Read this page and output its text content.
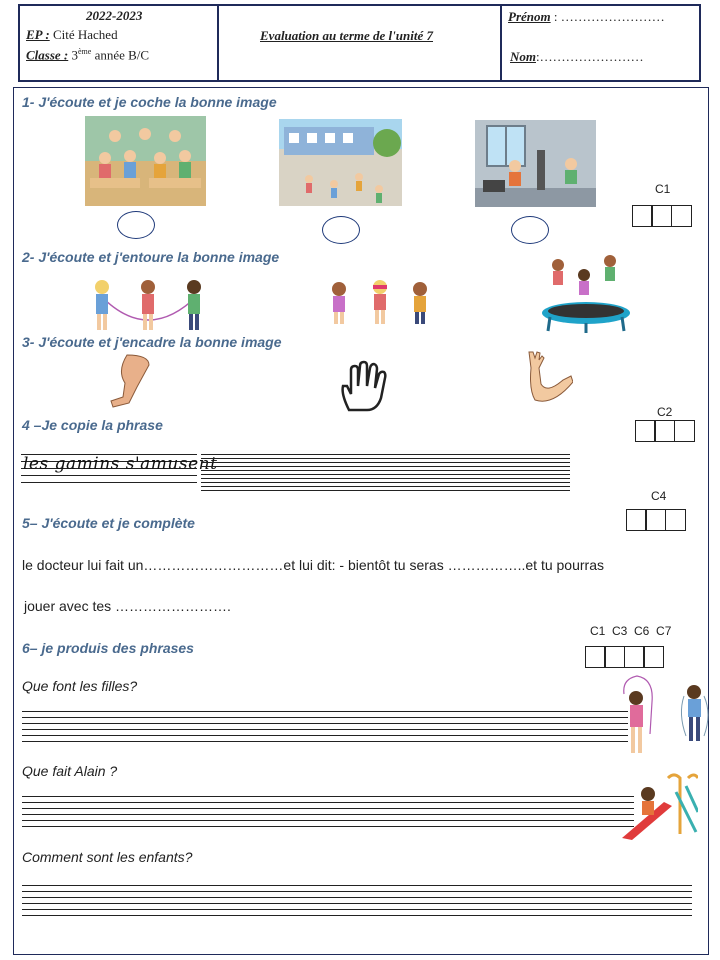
2022-2023
EP : Cité Hached
Classe : 3ème année B/C
Evaluation au terme de l'unité 7
Prénom : ……………………
Nom:……………………
1- J'écoute et je coche la bonne image
C1
2- J'écoute et j'entoure la bonne image
3- J'écoute et j'encadre la bonne image
C2
4 –Je copie la phrase
les gamins s'amusent
C4
5– J'écoute et je complète
le docteur lui fait un…………………………et lui dit: - bientôt tu seras ……………..et tu pourras
jouer avec tes …………………….
6– je produis des phrases
C1  C3  C6  C7
Que font les filles?
Que fait Alain ?
Comment sont les enfants?
